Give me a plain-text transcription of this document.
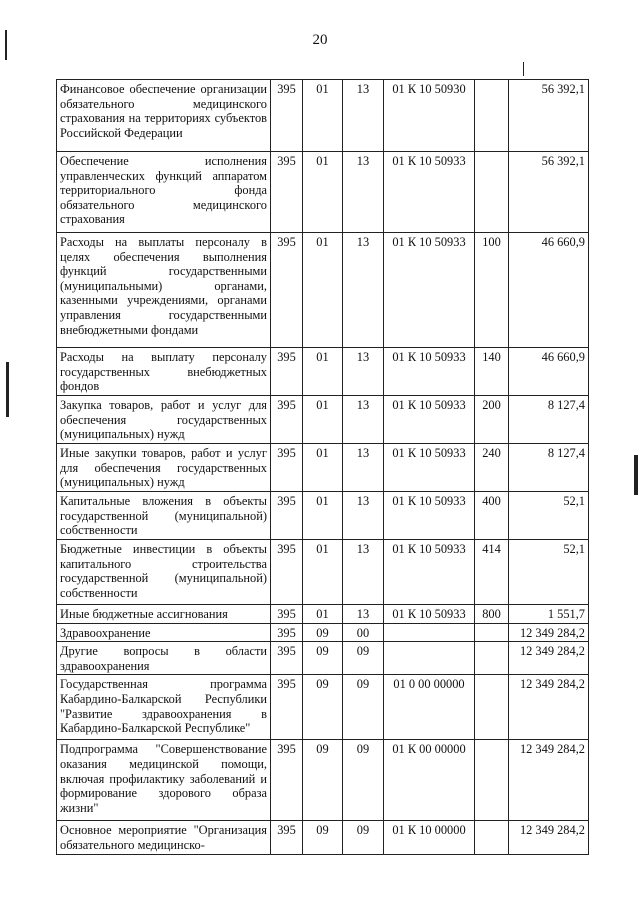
20
Финансовое обеспечение организации обязательного медицинского страхования на территориях субъектов Российской Федерации	395	01	13	01 К 10 50930		56 392,1
Обеспечение исполнения управленческих функций аппаратом территориального фонда обязательного медицинского страхования	395	01	13	01 К 10 50933		56 392,1
Расходы на выплаты персоналу в целях обеспечения выполнения функций государственными (муниципальными) органами, казенными учреждениями, органами управления государственными внебюджетными фондами	395	01	13	01 К 10 50933	100	46 660,9
Расходы на выплату персоналу государственных внебюджетных фондов	395	01	13	01 К 10 50933	140	46 660,9
Закупка товаров, работ и услуг для обеспечения государственных (муниципальных) нужд	395	01	13	01 К 10 50933	200	8 127,4
Иные закупки товаров, работ и услуг для обеспечения государственных (муниципальных) нужд	395	01	13	01 К 10 50933	240	8 127,4
Капитальные вложения в объекты государственной (муниципальной) собственности	395	01	13	01 К 10 50933	400	52,1
Бюджетные инвестиции в объекты капитального строительства государственной (муниципальной) собственности	395	01	13	01 К 10 50933	414	52,1
Иные бюджетные ассигнования	395	01	13	01 К 10 50933	800	1 551,7
Здравоохранение	395	09	00			12 349 284,2
Другие вопросы в области здравоохранения	395	09	09			12 349 284,2
Государственная программа Кабардино-Балкарской Республики "Развитие здравоохранения в Кабардино-Балкарской Республике"	395	09	09	01 0 00 00000		12 349 284,2
Подпрограмма "Совершенствование оказания медицинской помощи, включая профилактику заболеваний и формирование здорового образа жизни"	395	09	09	01 К 00 00000		12 349 284,2
Основное мероприятие "Организация обязательного медицинско-	395	09	09	01 К 10 00000		12 349 284,2
